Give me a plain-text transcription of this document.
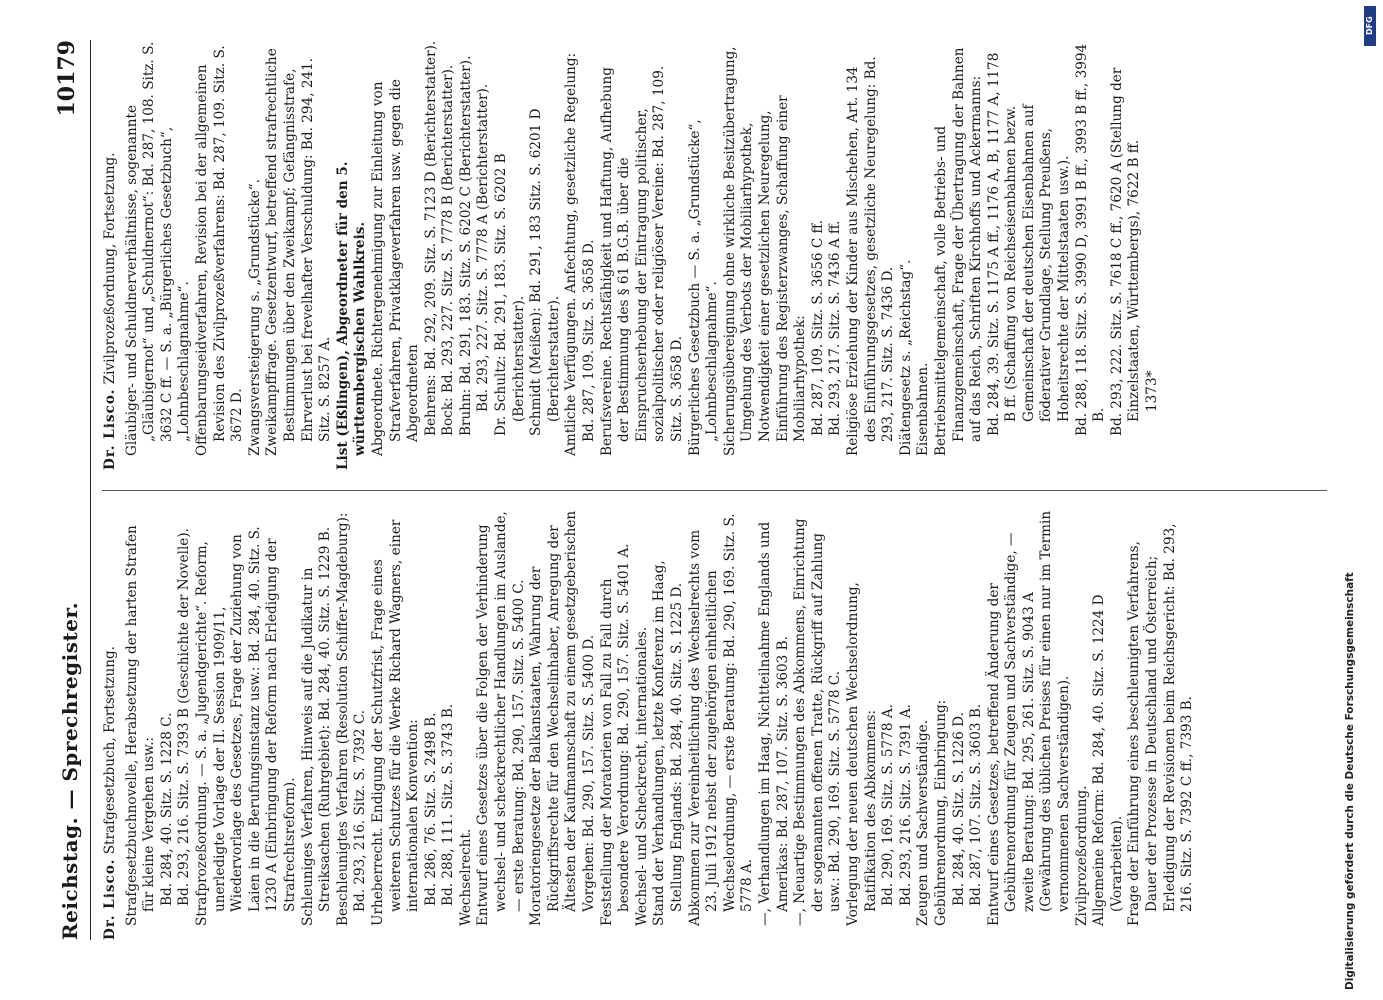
Reichstag. — Sprechregister.
10179
Dr. Lisco. Strafgesetzbuch, Fortsetzung. Strafgesetzbuchnovelle, Herabsetzung der harten Strafen für kleine Vergehen usw.: Bd. 284, 40. Sitz. S. 1228 C. Bd. 293, 216. Sitz. S. 7393 B (Geschichte der Novelle). Strafprozeßordnung. — S. a. „Jugendgerichte“. Reform, unerledigte Vorlage der II. Session 1909/11, Wiedervorlage des Gesetzes, Frage der Zuziehung von Laien in die Berufungsinstanz usw.: Bd. 284, 40. Sitz. S. 1230 A (Einbringung der Reform nach Erledigung der Strafrechtsreform). Schleuniges Verfahren, Hinweis auf die Judikatur in Streiksachen (Ruhrgebiet): Bd. 284, 40. Sitz. S. 1229 B. Beschleunigtes Verfahren (Resolution Schiffer-Magdeburg): Bd. 293, 216. Sitz. S. 7392 C. Urheberrecht. Endigung der Schutzfrist, Frage eines weiteren Schutzes für die Werke Richard Wagners, einer internationalen Konvention: Bd. 286, 76. Sitz. S. 2498 B. Bd. 288, 111. Sitz. S. 3743 B. Wechselrecht. Entwurf eines Gesetzes über die Folgen der Verhinderung wechsel- und scheckrechtlicher Handlungen im Auslande, — erste Beratung: Bd. 290, 157. Sitz. S. 5400 C. Moratoriengesetze der Balkanstaaten, Wahrung der Rückgriffsrechte für den Wechselinhaber, Anregung der Ältesten der Kaufmannschaft zu einem gesetzgeberischen Vorgehen: Bd. 290, 157. Sitz. S. 5400 D. Feststellung der Moratorien von Fall zu Fall durch besondere Verordnung: Bd. 290, 157. Sitz. S. 5401 A. Wechsel- und Scheckrecht, internationales. Stand der Verhandlungen, letzte Konferenz im Haag, Stellung Englands: Bd. 284, 40. Sitz. S. 1225 D. Abkommen zur Vereinheitlichung des Wechselrechts vom 23. Juli 1912 nebst der zugehörigen einheitlichen Wechselordnung, — erste Beratung: Bd. 290, 169. Sitz. S. 5778 A. —, Verhandlungen im Haag, Nichtteilnahme Englands und Amerikas: Bd. 287, 107. Sitz. S. 3603 B. —, Neuartige Bestimmungen des Abkommens, Einrichtung der sogenannten offenen Tratte, Rückgriff auf Zahlung usw.: Bd. 290, 169. Sitz. S. 5778 C. Vorlegung der neuen deutschen Wechselordnung, Ratifikation des Abkommens: Bd. 290, 169. Sitz. S. 5778 A. Bd. 293, 216. Sitz. S. 7391 A. Zeugen und Sachverständige. Gebührenordnung, Einbringung: Bd. 284, 40. Sitz. S. 1226 D. Bd. 287, 107. Sitz. S. 3603 B. Entwurf eines Gesetzes, betreffend Änderung der Gebührenordnung für Zeugen und Sachverständige, — zweite Beratung: Bd. 295, 261. Sitz. S. 9043 A (Gewährung des üblichen Preises für einen nur im Termin vernommenen Sachverständigen). Zivilprozeßordnung. Allgemeine Reform: Bd. 284, 40. Sitz. S. 1224 D (Vorarbeiten). Frage der Einführung eines beschleunigten Verfahrens, Dauer der Prozesse in Deutschland und Österreich; Erledigung der Revisionen beim Reichsgericht: Bd. 293, 216. Sitz. S. 7392 C ff., 7393 B.

Dr. Lisco. Zivilprozeßordnung, Fortsetzung. Gläubiger- und Schuldnerverhältnisse, sogenannte „Gläubigernot“ und „Schuldnernot“: Bd. 287, 108. Sitz. S. 3632 C ff. — S. a. „Bürgerliches Gesetzbuch“, „Lohnbeschlagnahme“. Offenbarungseidverfahren, Revision bei der allgemeinen Revision des Zivilprozeßverfahrens: Bd. 287, 109. Sitz. S. 3672 D. Zwangsversteigerung s. „Grundstücke“. Zweikampffrage. Gesetzentwurf, betreffend strafrechtliche Bestimmungen über den Zweikampf; Gefängnisstrafe, Ehrverlust bei frevelhafter Verschuldung: Bd. 294, 241. Sitz. S. 8257 A. List (Eßlingen), Abgeordneter für den 5. württembergischen Wahlkreis. Abgeordnete. Richtergenehmigung zur Einleitung von Strafverfahren, Privatklageverfahren usw. gegen die Abgeordneten Behrens: Bd. 292, 209. Sitz. S. 7123 D (Berichterstatter). Bock: Bd. 293, 227. Sitz. S. 7778 B (Berichterstatter). Bruhn: Bd. 291, 183. Sitz. S. 6202 C (Berichterstatter). Bd. 293, 227. Sitz. S. 7778 A (Berichterstatter). Dr. Schultz: Bd. 291, 183. Sitz. S. 6202 B (Berichterstatter). Schmidt (Meißen): Bd. 291, 183 Sitz. S. 6201 D (Berichterstatter). Amtliche Verfügungen. Anfechtung, gesetzliche Regelung: Bd. 287, 109. Sitz. S. 3658 D. Berufsvereine. Rechtsfähigkeit und Haftung, Aufhebung der Bestimmung des § 61 B.G.B. über die Einspruchserhebung der Eintragung politischer, sozialpolitischer oder religiöser Vereine: Bd. 287, 109. Sitz. S. 3658 D. Bürgerliches Gesetzbuch — S. a. „Grundstücke“, „Lohnbeschlagnahme“. Sicherungsübereignung ohne wirkliche Besitzübertragung, Umgehung des Verbots der Mobiliarhypothek, Notwendigkeit einer gesetzlichen Neuregelung, Einführung des Registerzwanges, Schaffung einer Mobiliarhypothek: Bd. 287, 109. Sitz. S. 3656 C ff. Bd. 293, 217. Sitz. S. 7436 A ff. Religiöse Erziehung der Kinder aus Mischehen, Art. 134 des Einführungsgesetzes, gesetzliche Neuregelung: Bd. 293, 217. Sitz. S. 7436 D. Diätengesetz s. „Reichstag“. Eisenbahnen. Betriebsmittelgemeinschaft, volle Betriebs- und Finanzgemeinschaft, Frage der Übertragung der Bahnen auf das Reich, Schriften Kirchhoffs und Ackermanns: Bd. 284, 39. Sitz. S. 1175 A ff., 1176 A, B, 1177 A, 1178 B ff. (Schaffung von Reichseisenbahnen bezw. Gemeinschaft der deutschen Eisenbahnen auf föderativer Grundlage, Stellung Preußens, Hoheitsrechte der Mittelstaaten usw.). Bd. 288, 118. Sitz. S. 3990 D, 3991 B ff., 3993 B ff., 3994 B. Bd. 293, 222. Sitz. S. 7618 C ff., 7620 A (Stellung der Einzelstaaten, Württembergs), 7622 B ff. 1373*

Digitalisierung gefördert durch die Deutsche Forschungsgemeinschaft
DFG
